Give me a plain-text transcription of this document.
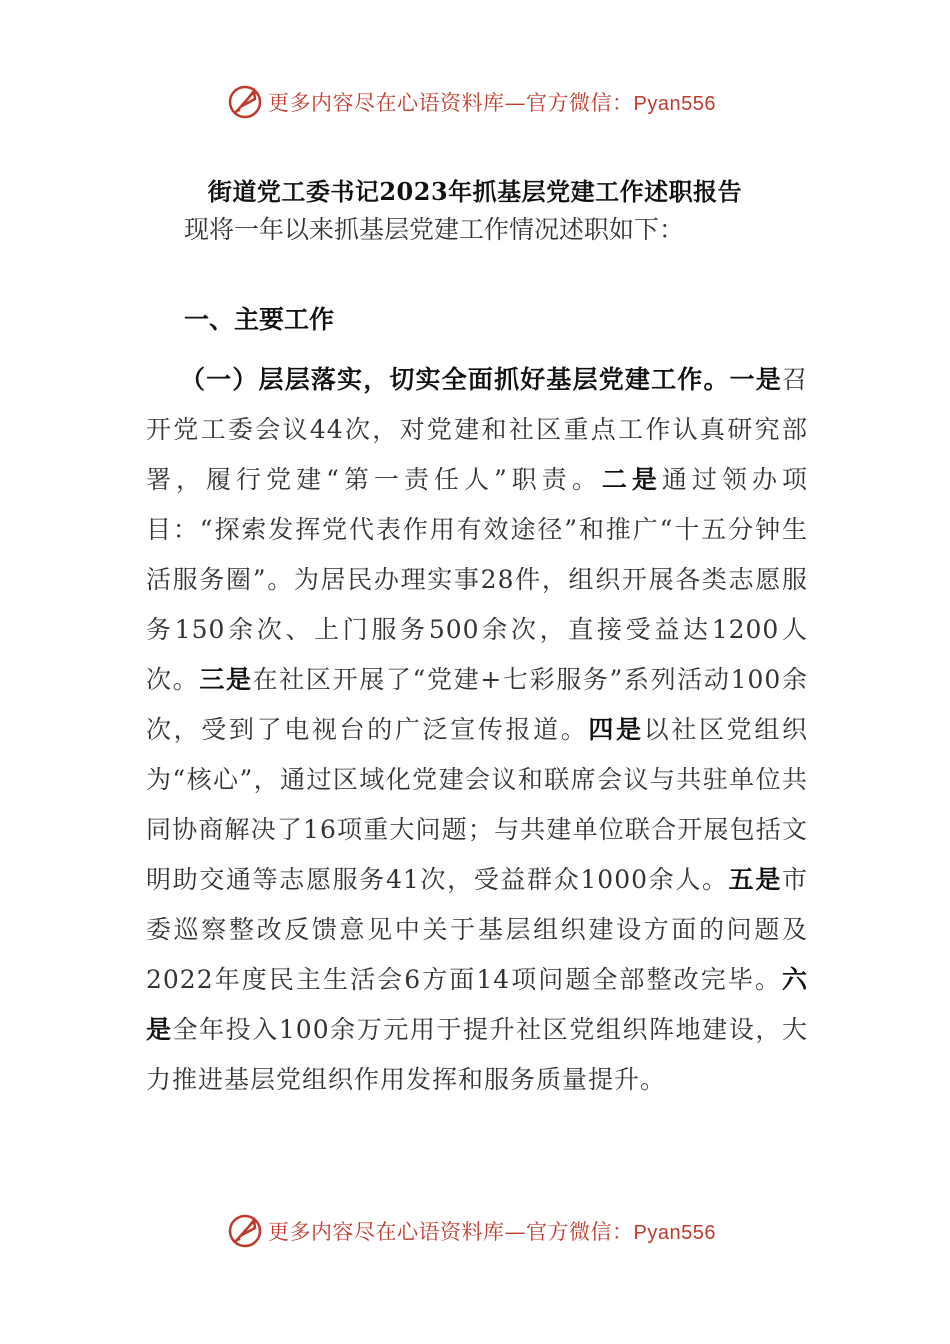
更多内容尽在心语资料库—官方微信：Pyan556
街道党工委书记2023年抓基层党建工作述职报告
现将一年以来抓基层党建工作情况述职如下：
一、主要工作
（一）层层落实，切实全面抓好基层党建工作。一是召开党工委会议44次，对党建和社区重点工作认真研究部署，履行党建“第一责任人”职责。二是通过领办项目：“探索发挥党代表作用有效途径”和推广“十五分钟生活服务圈”。为居民办理实事28件，组织开展各类志愿服务150余次、上门服务500余次，直接受益达1200人次。三是在社区开展了“党建+七彩服务”系列活动100余次，受到了电视台的广泛宣传报道。四是以社区党组织为“核心”，通过区域化党建会议和联席会议与共驻单位共同协商解决了16项重大问题；与共建单位联合开展包括文明助交通等志愿服务41次，受益群众1000余人。五是市委巡察整改反馈意见中关于基层组织建设方面的问题及2022年度民主生活会6方面14项问题全部整改完毕。六是全年投入100余万元用于提升社区党组织阵地建设，大力推进基层党组织作用发挥和服务质量提升。
更多内容尽在心语资料库—官方微信：Pyan556
